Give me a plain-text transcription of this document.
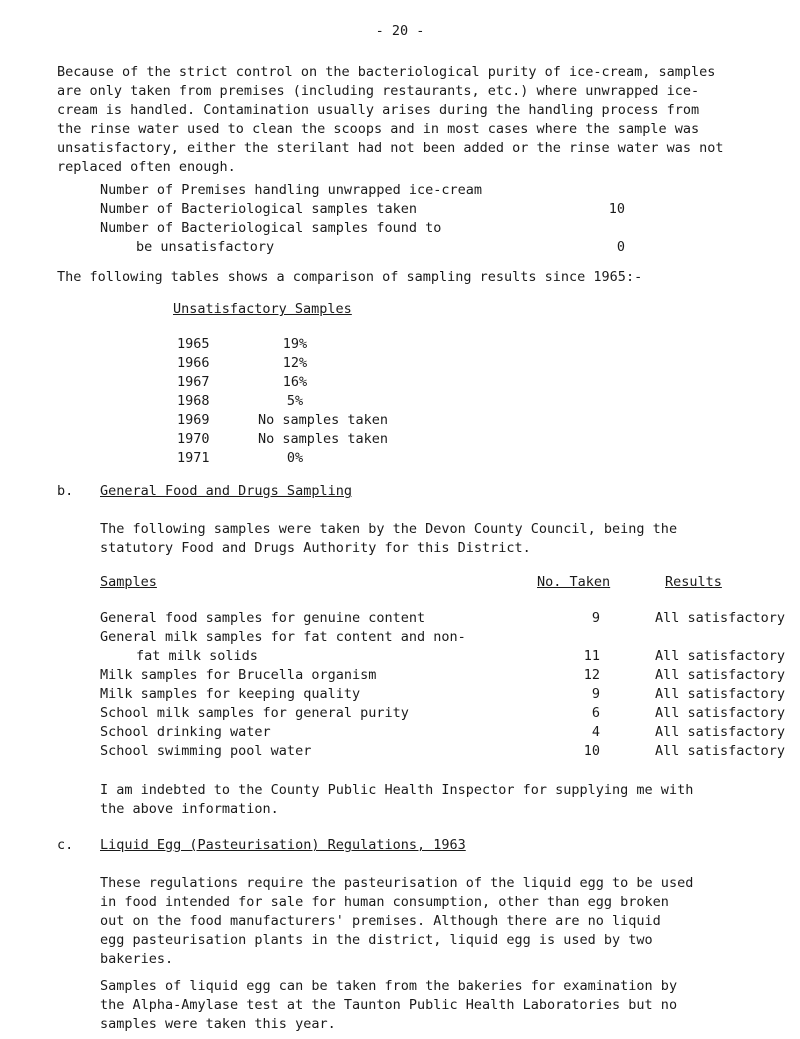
- 20 -
Because of the strict control on the bacteriological purity of ice-cream, samples
are only taken from premises (including restaurants, etc.) where unwrapped ice-
cream is handled. Contamination usually arises during the handling process from
the rinse water used to clean the scoops and in most cases where the sample was
unsatisfactory, either the sterilant had not been added or the rinse water was not
replaced often enough.
Number of Premises handling unwrapped ice-cream
Number of Bacteriological samples taken	10
Number of Bacteriological samples found to
be unsatisfactory	0
The following tables shows a comparison of sampling results since 1965:-
Unsatisfactory Samples
1965	19%
1966	12%
1967	16%
1968	5%
1969	No samples taken
1970	No samples taken
1971	0%
b. General Food and Drugs Sampling
The following samples were taken by the Devon County Council, being the
statutory Food and Drugs Authority for this District.
Samples	No. Taken	Results
General food samples for genuine content	9	All satisfactory
General milk samples for fat content and non-
fat milk solids	11	All satisfactory
Milk samples for Brucella organism	12	All satisfactory
Milk samples for keeping quality	9	All satisfactory
School milk samples for general purity	6	All satisfactory
School drinking water	4	All satisfactory
School swimming pool water	10	All satisfactory
I am indebted to the County Public Health Inspector for supplying me with
the above information.
c. Liquid Egg (Pasteurisation) Regulations, 1963
These regulations require the pasteurisation of the liquid egg to be used
in food intended for sale for human consumption, other than egg broken
out on the food manufacturers' premises. Although there are no liquid
egg pasteurisation plants in the district, liquid egg is used by two
bakeries.
Samples of liquid egg can be taken from the bakeries for examination by
the Alpha-Amylase test at the Taunton Public Health Laboratories but no
samples were taken this year.
